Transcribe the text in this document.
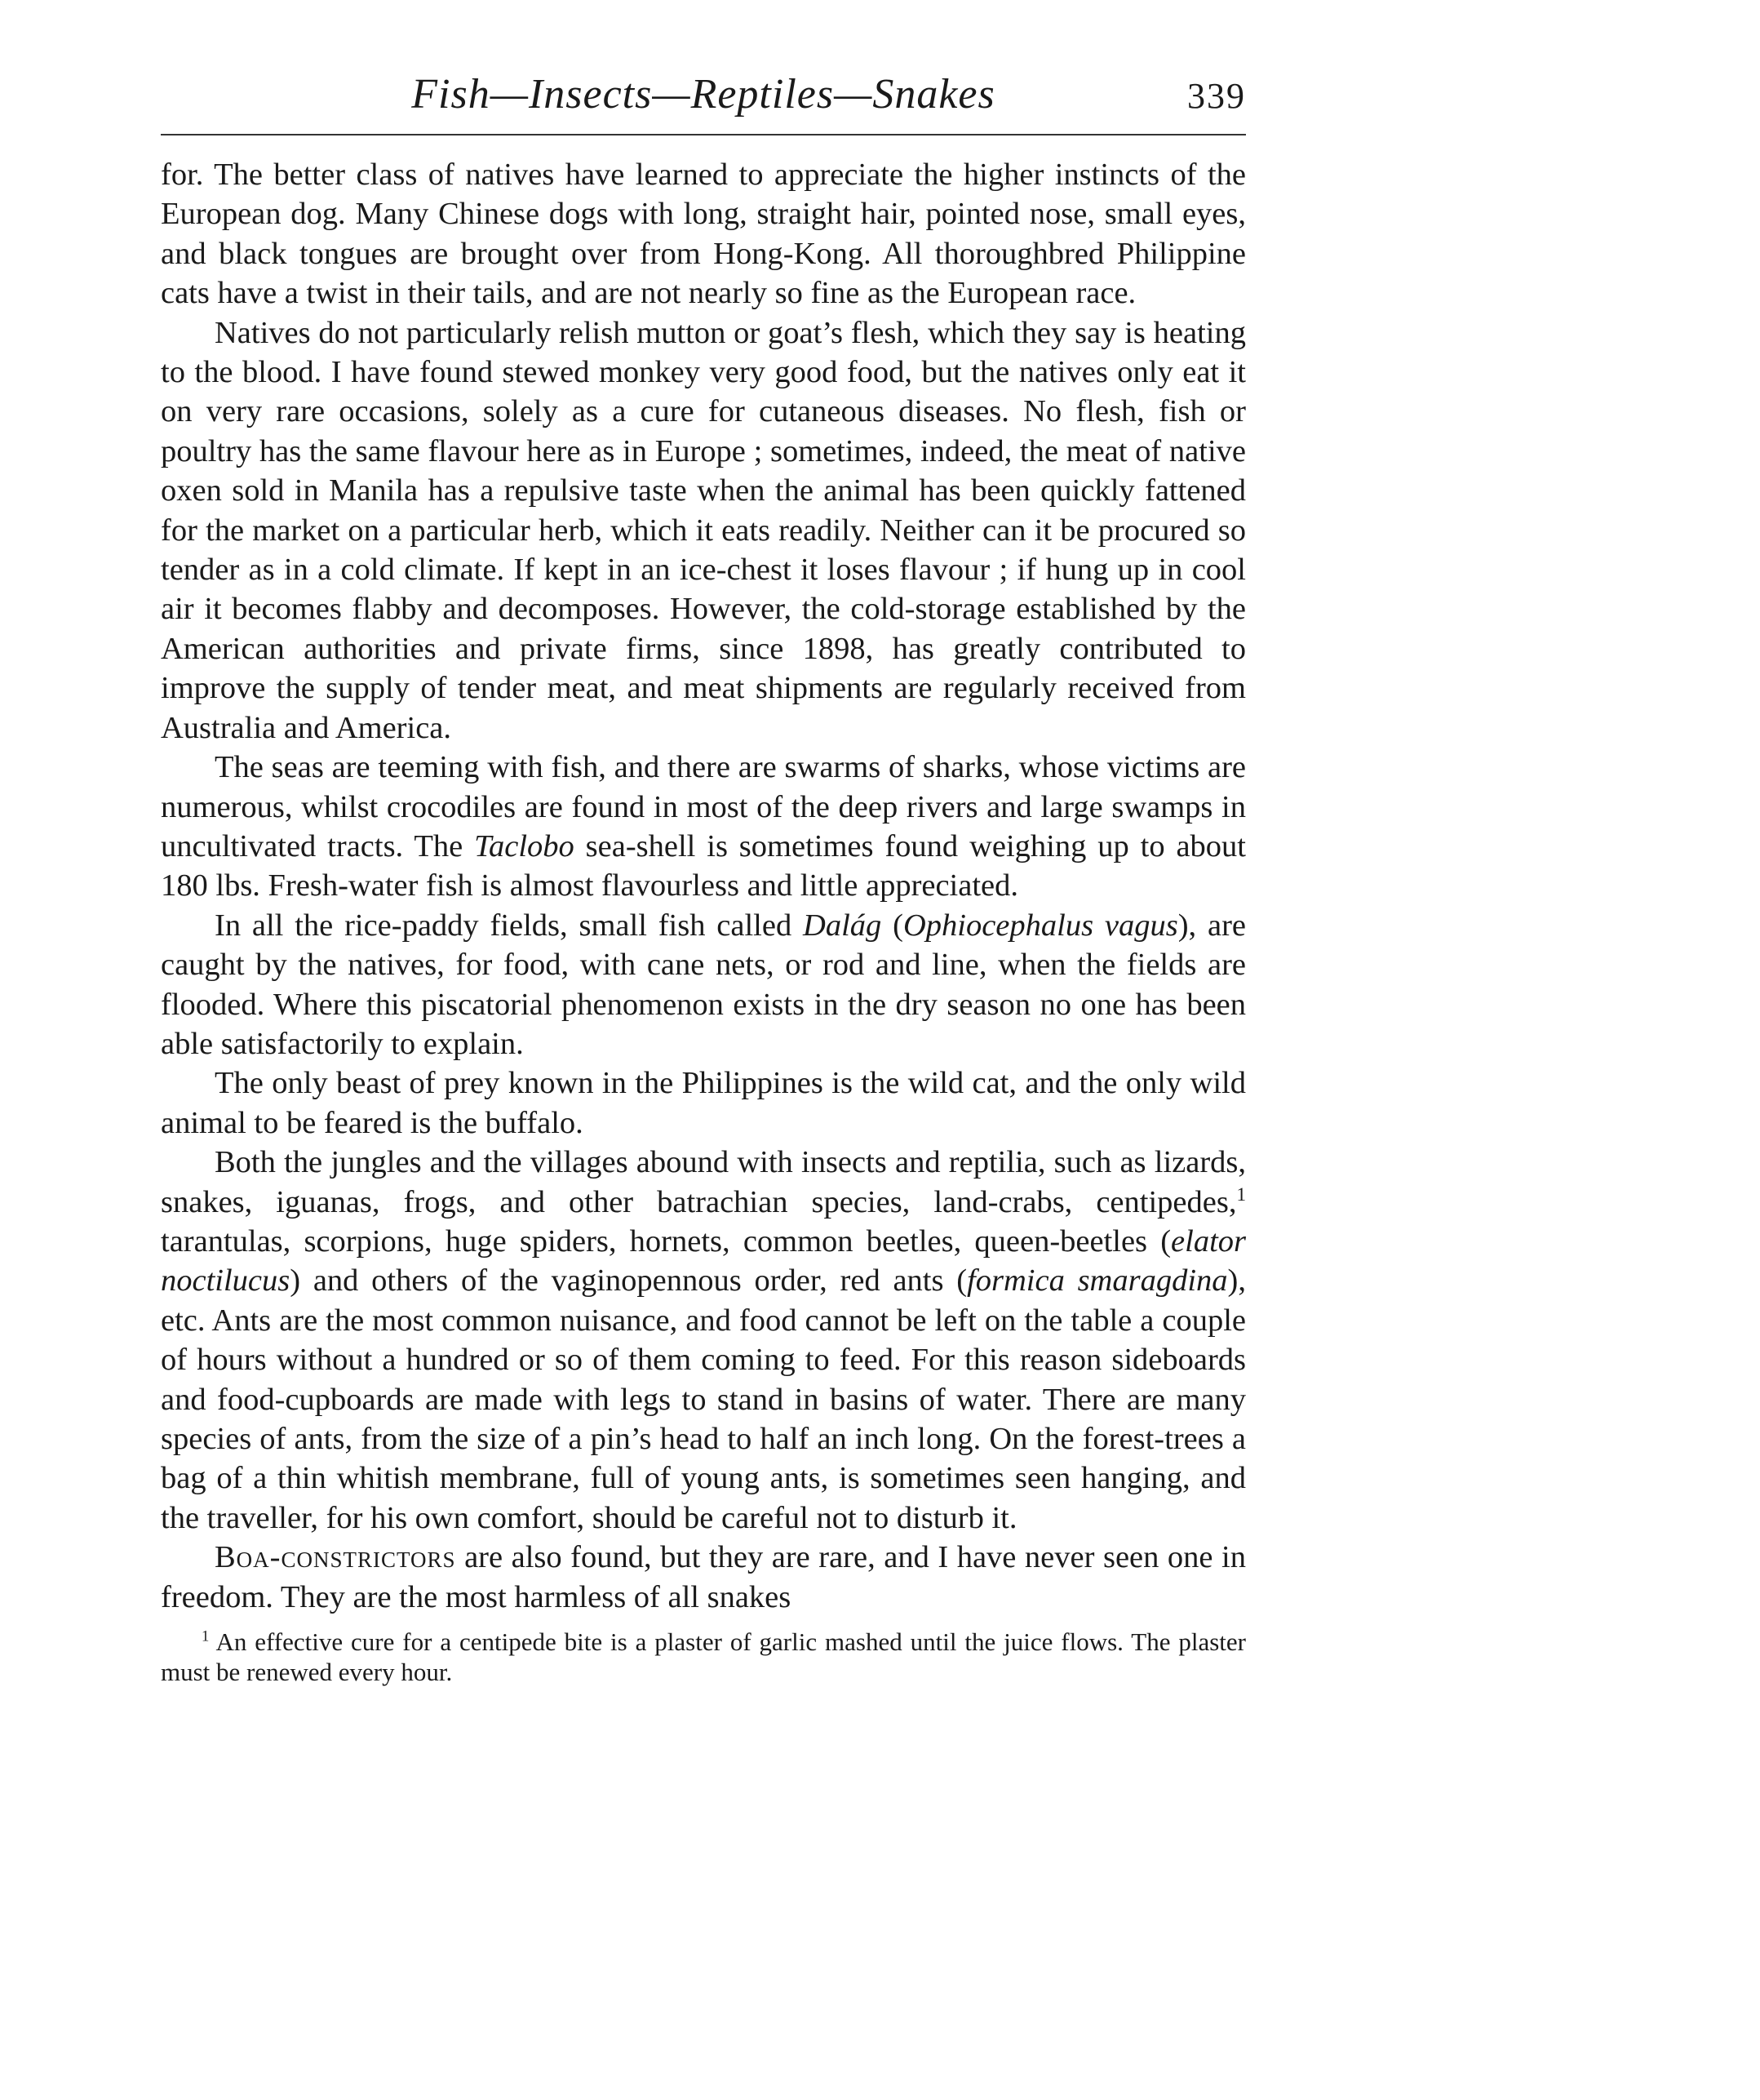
Fish—Insects—Reptiles—Snakes	339

for. The better class of natives have learned to appreciate the higher instincts of the European dog. Many Chinese dogs with long, straight hair, pointed nose, small eyes, and black tongues are brought over from Hong-Kong. All thoroughbred Philippine cats have a twist in their tails, and are not nearly so fine as the European race.

Natives do not particularly relish mutton or goat’s flesh, which they say is heating to the blood. I have found stewed monkey very good food, but the natives only eat it on very rare occasions, solely as a cure for cutaneous diseases. No flesh, fish or poultry has the same flavour here as in Europe ; sometimes, indeed, the meat of native oxen sold in Manila has a repulsive taste when the animal has been quickly fattened for the market on a particular herb, which it eats readily. Neither can it be procured so tender as in a cold climate. If kept in an ice-chest it loses flavour ; if hung up in cool air it becomes flabby and decomposes. However, the cold-storage established by the American authorities and private firms, since 1898, has greatly contributed to improve the supply of tender meat, and meat shipments are regularly received from Australia and America.

The seas are teeming with fish, and there are swarms of sharks, whose victims are numerous, whilst crocodiles are found in most of the deep rivers and large swamps in uncultivated tracts. The Taclobo sea-shell is sometimes found weighing up to about 180 lbs. Fresh-water fish is almost flavourless and little appreciated.

In all the rice-paddy fields, small fish called Dalág (Ophiocephalus vagus), are caught by the natives, for food, with cane nets, or rod and line, when the fields are flooded. Where this piscatorial phenomenon exists in the dry season no one has been able satisfactorily to explain.

The only beast of prey known in the Philippines is the wild cat, and the only wild animal to be feared is the buffalo.

Both the jungles and the villages abound with insects and reptilia, such as lizards, snakes, iguanas, frogs, and other batrachian species, land-crabs, centipedes,$^1$ tarantulas, scorpions, huge spiders, hornets, common beetles, queen-beetles (elator noctilucus) and others of the vaginopennous order, red ants (formica smaragdina), etc. Ants are the most common nuisance, and food cannot be left on the table a couple of hours without a hundred or so of them coming to feed. For this reason sideboards and food-cupboards are made with legs to stand in basins of water. There are many species of ants, from the size of a pin’s head to half an inch long. On the forest-trees a bag of a thin whitish membrane, full of young ants, is sometimes seen hanging, and the traveller, for his own comfort, should be careful not to disturb it.

Boa-constrictors are also found, but they are rare, and I have never seen one in freedom. They are the most harmless of all snakes

$^1$ An effective cure for a centipede bite is a plaster of garlic mashed until the juice flows. The plaster must be renewed every hour.
